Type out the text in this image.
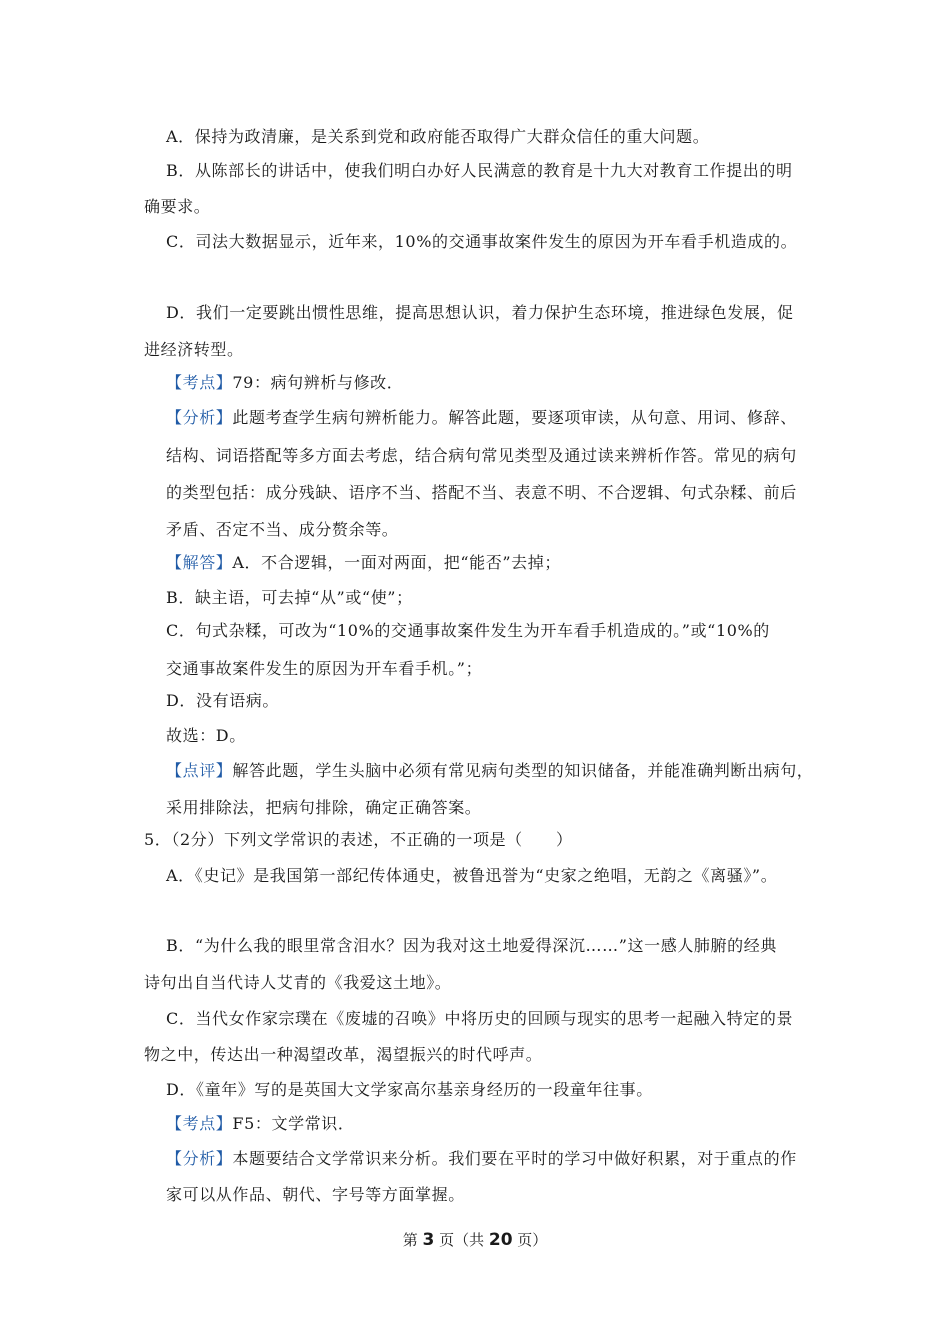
A．保持为政清廉，是关系到党和政府能否取得广大群众信任的重大问题。
B．从陈部长的讲话中，使我们明白办好人民满意的教育是十九大对教育工作提出的明
确要求。
C．司法大数据显示，近年来，10%的交通事故案件发生的原因为开车看手机造成的。
D．我们一定要跳出惯性思维，提高思想认识，着力保护生态环境，推进绿色发展，促
进经济转型。
【考点】79：病句辨析与修改．
【分析】此题考查学生病句辨析能力。解答此题，要逐项审读，从句意、用词、修辞、
结构、词语搭配等多方面去考虑，结合病句常见类型及通过读来辨析作答。常见的病句
的类型包括：成分残缺、语序不当、搭配不当、表意不明、不合逻辑、句式杂糅、前后
矛盾、否定不当、成分赘余等。
【解答】A．不合逻辑，一面对两面，把“能否”去掉；
B．缺主语，可去掉“从”或“使”；
C．句式杂糅，可改为“10%的交通事故案件发生为开车看手机造成的。”或“10%的
交通事故案件发生的原因为开车看手机。”；
D．没有语病。
故选：D。
【点评】解答此题，学生头脑中必须有常见病句类型的知识储备，并能准确判断出病句，
采用排除法，把病句排除，确定正确答案。
5．（2分）下列文学常识的表述，不正确的一项是（　　）
A．《史记》是我国第一部纪传体通史，被鲁迅誉为“史家之绝唱，无韵之《离骚》”。
B．“为什么我的眼里常含泪水？因为我对这土地爱得深沉……”这一感人肺腑的经典
诗句出自当代诗人艾青的《我爱这土地》。
C．当代女作家宗璞在《废墟的召唤》中将历史的回顾与现实的思考一起融入特定的景
物之中，传达出一种渴望改革，渴望振兴的时代呼声。
D．《童年》写的是英国大文学家高尔基亲身经历的一段童年往事。
【考点】F5：文学常识．
【分析】本题要结合文学常识来分析。我们要在平时的学习中做好积累，对于重点的作
家可以从作品、朝代、字号等方面掌握。
第 3 页（共 20 页）
